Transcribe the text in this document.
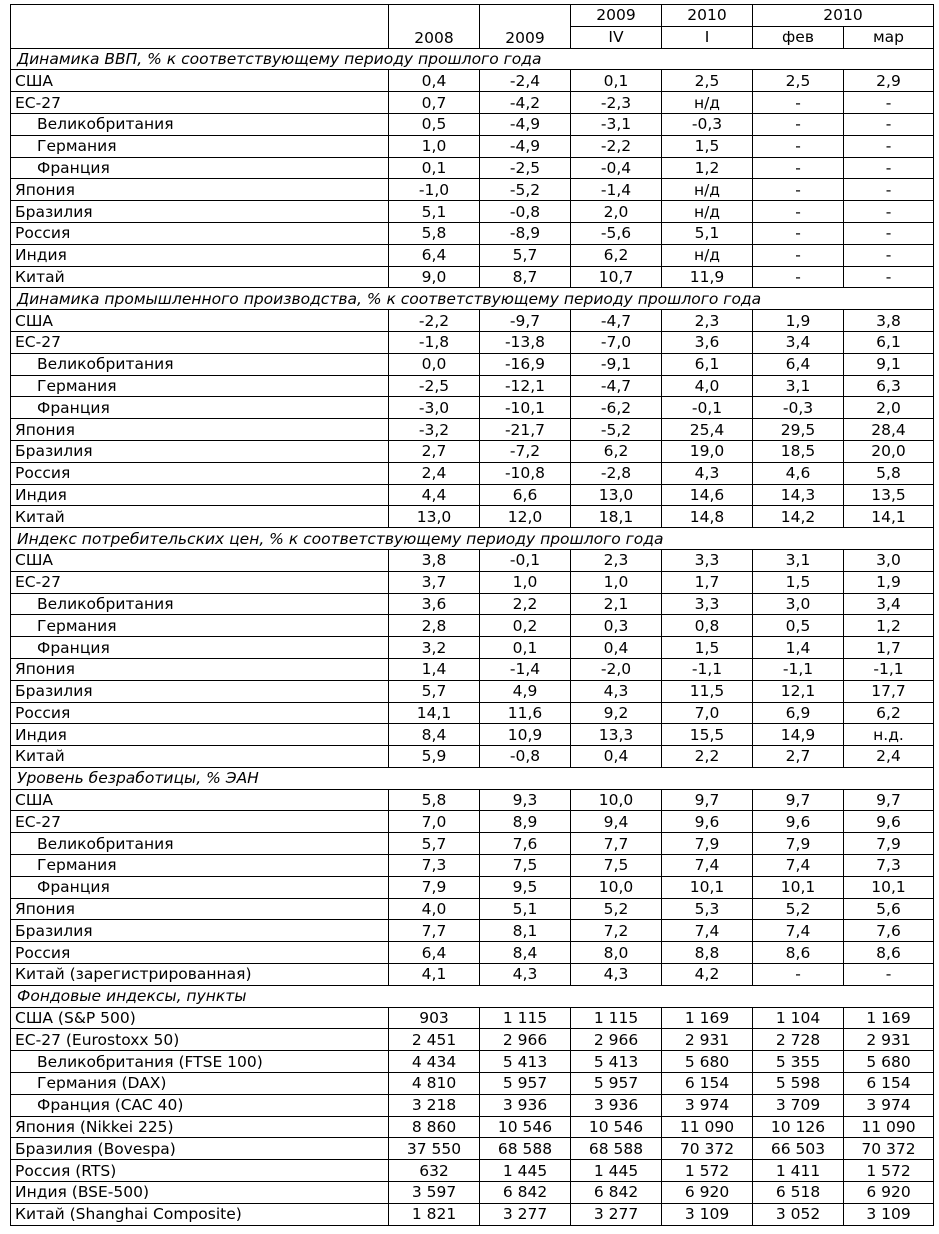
	2008	2009	2009	2010	2010	
			IV	I	фев	мар
Динамика ВВП, % к соответствующему периоду прошлого года						
США	0,4	-2,4	0,1	2,5	2,5	2,9
ЕС-27	0,7	-4,2	-2,3	н/д	-	-
Великобритания	0,5	-4,9	-3,1	-0,3	-	-
Германия	1,0	-4,9	-2,2	1,5	-	-
Франция	0,1	-2,5	-0,4	1,2	-	-
Япония	-1,0	-5,2	-1,4	н/д	-	-
Бразилия	5,1	-0,8	2,0	н/д	-	-
Россия	5,8	-8,9	-5,6	5,1	-	-
Индия	6,4	5,7	6,2	н/д	-	-
Китай	9,0	8,7	10,7	11,9	-	-
Динамика промышленного производства, % к соответствующему периоду прошлого года						
США	-2,2	-9,7	-4,7	2,3	1,9	3,8
ЕС-27	-1,8	-13,8	-7,0	3,6	3,4	6,1
Великобритания	0,0	-16,9	-9,1	6,1	6,4	9,1
Германия	-2,5	-12,1	-4,7	4,0	3,1	6,3
Франция	-3,0	-10,1	-6,2	-0,1	-0,3	2,0
Япония	-3,2	-21,7	-5,2	25,4	29,5	28,4
Бразилия	2,7	-7,2	6,2	19,0	18,5	20,0
Россия	2,4	-10,8	-2,8	4,3	4,6	5,8
Индия	4,4	6,6	13,0	14,6	14,3	13,5
Китай	13,0	12,0	18,1	14,8	14,2	14,1
Индекс потребительских цен, % к соответствующему периоду прошлого года						
США	3,8	-0,1	2,3	3,3	3,1	3,0
ЕС-27	3,7	1,0	1,0	1,7	1,5	1,9
Великобритания	3,6	2,2	2,1	3,3	3,0	3,4
Германия	2,8	0,2	0,3	0,8	0,5	1,2
Франция	3,2	0,1	0,4	1,5	1,4	1,7
Япония	1,4	-1,4	-2,0	-1,1	-1,1	-1,1
Бразилия	5,7	4,9	4,3	11,5	12,1	17,7
Россия	14,1	11,6	9,2	7,0	6,9	6,2
Индия	8,4	10,9	13,3	15,5	14,9	н.д.
Китай	5,9	-0,8	0,4	2,2	2,7	2,4
Уровень безработицы, % ЭАН						
США	5,8	9,3	10,0	9,7	9,7	9,7
ЕС-27	7,0	8,9	9,4	9,6	9,6	9,6
Великобритания	5,7	7,6	7,7	7,9	7,9	7,9
Германия	7,3	7,5	7,5	7,4	7,4	7,3
Франция	7,9	9,5	10,0	10,1	10,1	10,1
Япония	4,0	5,1	5,2	5,3	5,2	5,6
Бразилия	7,7	8,1	7,2	7,4	7,4	7,6
Россия	6,4	8,4	8,0	8,8	8,6	8,6
Китай (зарегистрированная)	4,1	4,3	4,3	4,2	-	-
Фондовые индексы, пункты						
США (S&P 500)	903	1 115	1 115	1 169	1 104	1 169
ЕС-27 (Eurostoxx 50)	2 451	2 966	2 966	2 931	2 728	2 931
Великобритания (FTSE 100)	4 434	5 413	5 413	5 680	5 355	5 680
Германия (DAX)	4 810	5 957	5 957	6 154	5 598	6 154
Франция (CAC 40)	3 218	3 936	3 936	3 974	3 709	3 974
Япония (Nikkei 225)	8 860	10 546	10 546	11 090	10 126	11 090
Бразилия (Bovespa)	37 550	68 588	68 588	70 372	66 503	70 372
Россия (RTS)	632	1 445	1 445	1 572	1 411	1 572
Индия (BSE-500)	3 597	6 842	6 842	6 920	6 518	6 920
Китай (Shanghai Composite)	1 821	3 277	3 277	3 109	3 052	3 109
